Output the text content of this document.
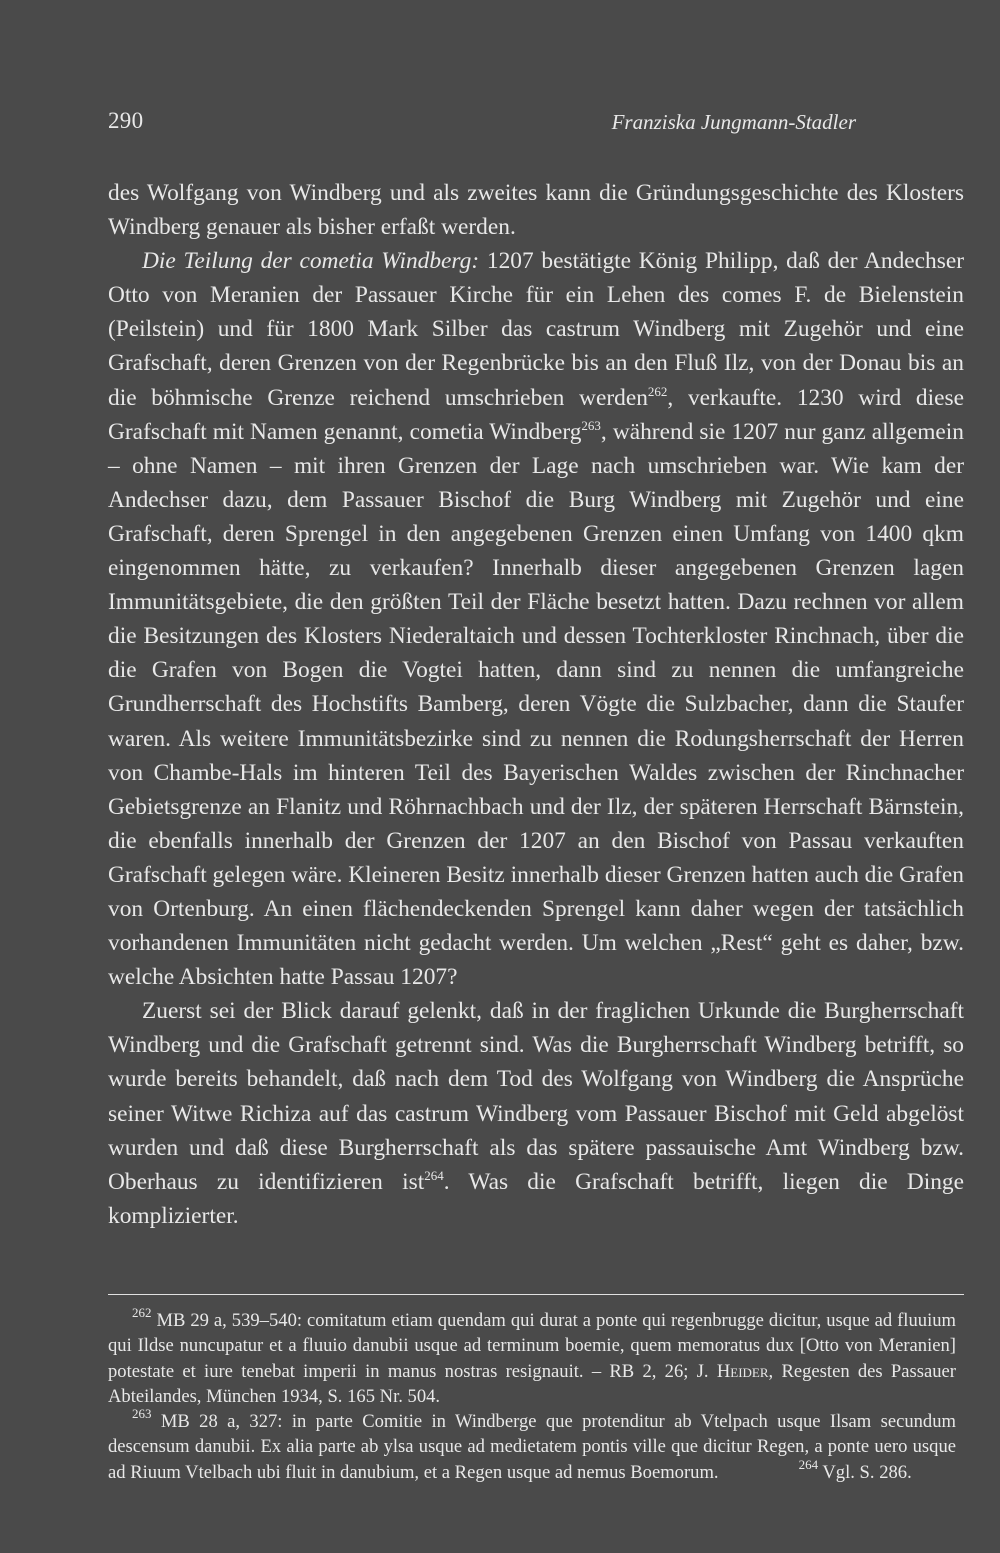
290	Franziska Jungmann-Stadler

des Wolfgang von Windberg und als zweites kann die Gründungsgeschichte des Klosters Windberg genauer als bisher erfaßt werden.

Die Teilung der cometia Windberg: 1207 bestätigte König Philipp, daß der Andechser Otto von Meranien der Passauer Kirche für ein Lehen des comes F. de Bielenstein (Peilstein) und für 1800 Mark Silber das castrum Windberg mit Zugehör und eine Grafschaft, deren Grenzen von der Regenbrücke bis an den Fluß Ilz, von der Donau bis an die böhmische Grenze reichend umschrieben werden$^{262}$, verkaufte. 1230 wird diese Grafschaft mit Namen genannt, cometia Windberg$^{263}$, während sie 1207 nur ganz allgemein – ohne Namen – mit ihren Grenzen der Lage nach umschrieben war. Wie kam der Andechser dazu, dem Passauer Bischof die Burg Windberg mit Zugehör und eine Grafschaft, deren Sprengel in den angegebenen Grenzen einen Umfang von 1400 qkm eingenommen hätte, zu verkaufen? Innerhalb dieser angegebenen Grenzen lagen Immunitätsgebiete, die den größten Teil der Fläche besetzt hatten. Dazu rechnen vor allem die Besitzungen des Klosters Niederaltaich und dessen Tochterkloster Rinchnach, über die die Grafen von Bogen die Vogtei hatten, dann sind zu nennen die umfangreiche Grundherrschaft des Hochstifts Bamberg, deren Vögte die Sulzbacher, dann die Staufer waren. Als weitere Immunitätsbezirke sind zu nennen die Rodungsherrschaft der Herren von Chambe-Hals im hinteren Teil des Bayerischen Waldes zwischen der Rinchnacher Gebietsgrenze an Flanitz und Röhrnachbach und der Ilz, der späteren Herrschaft Bärnstein, die ebenfalls innerhalb der Grenzen der 1207 an den Bischof von Passau verkauften Grafschaft gelegen wäre. Kleineren Besitz innerhalb dieser Grenzen hatten auch die Grafen von Ortenburg. An einen flächendeckenden Sprengel kann daher wegen der tatsächlich vorhandenen Immunitäten nicht gedacht werden. Um welchen „Rest“ geht es daher, bzw. welche Absichten hatte Passau 1207?

Zuerst sei der Blick darauf gelenkt, daß in der fraglichen Urkunde die Burgherrschaft Windberg und die Grafschaft getrennt sind. Was die Burgherrschaft Windberg betrifft, so wurde bereits behandelt, daß nach dem Tod des Wolfgang von Windberg die Ansprüche seiner Witwe Richiza auf das castrum Windberg vom Passauer Bischof mit Geld abgelöst wurden und daß diese Burgherrschaft als das spätere passauische Amt Windberg bzw. Oberhaus zu identifizieren ist$^{264}$. Was die Grafschaft betrifft, liegen die Dinge komplizierter.

$^{262}$ MB 29 a, 539–540: comitatum etiam quendam qui durat a ponte qui regenbrugge dicitur, usque ad fluuium qui Ildse nuncupatur et a fluuio danubii usque ad terminum boemie, quem memoratus dux [Otto von Meranien] potestate et iure tenebat imperii in manus nostras resignauit. – RB 2, 26; J. Heider, Regesten des Passauer Abteilandes, München 1934, S. 165 Nr. 504.

$^{263}$ MB 28 a, 327: in parte Comitie in Windberge que protenditur ab Vtelpach usque Ilsam secundum descensum danubii. Ex alia parte ab ylsa usque ad medietatem pontis ville que dicitur Regen, a ponte uero usque ad Riuum Vtelbach ubi fluit in danubium, et a Regen usque ad nemus Boemorum.	$^{264}$ Vgl. S. 286.
